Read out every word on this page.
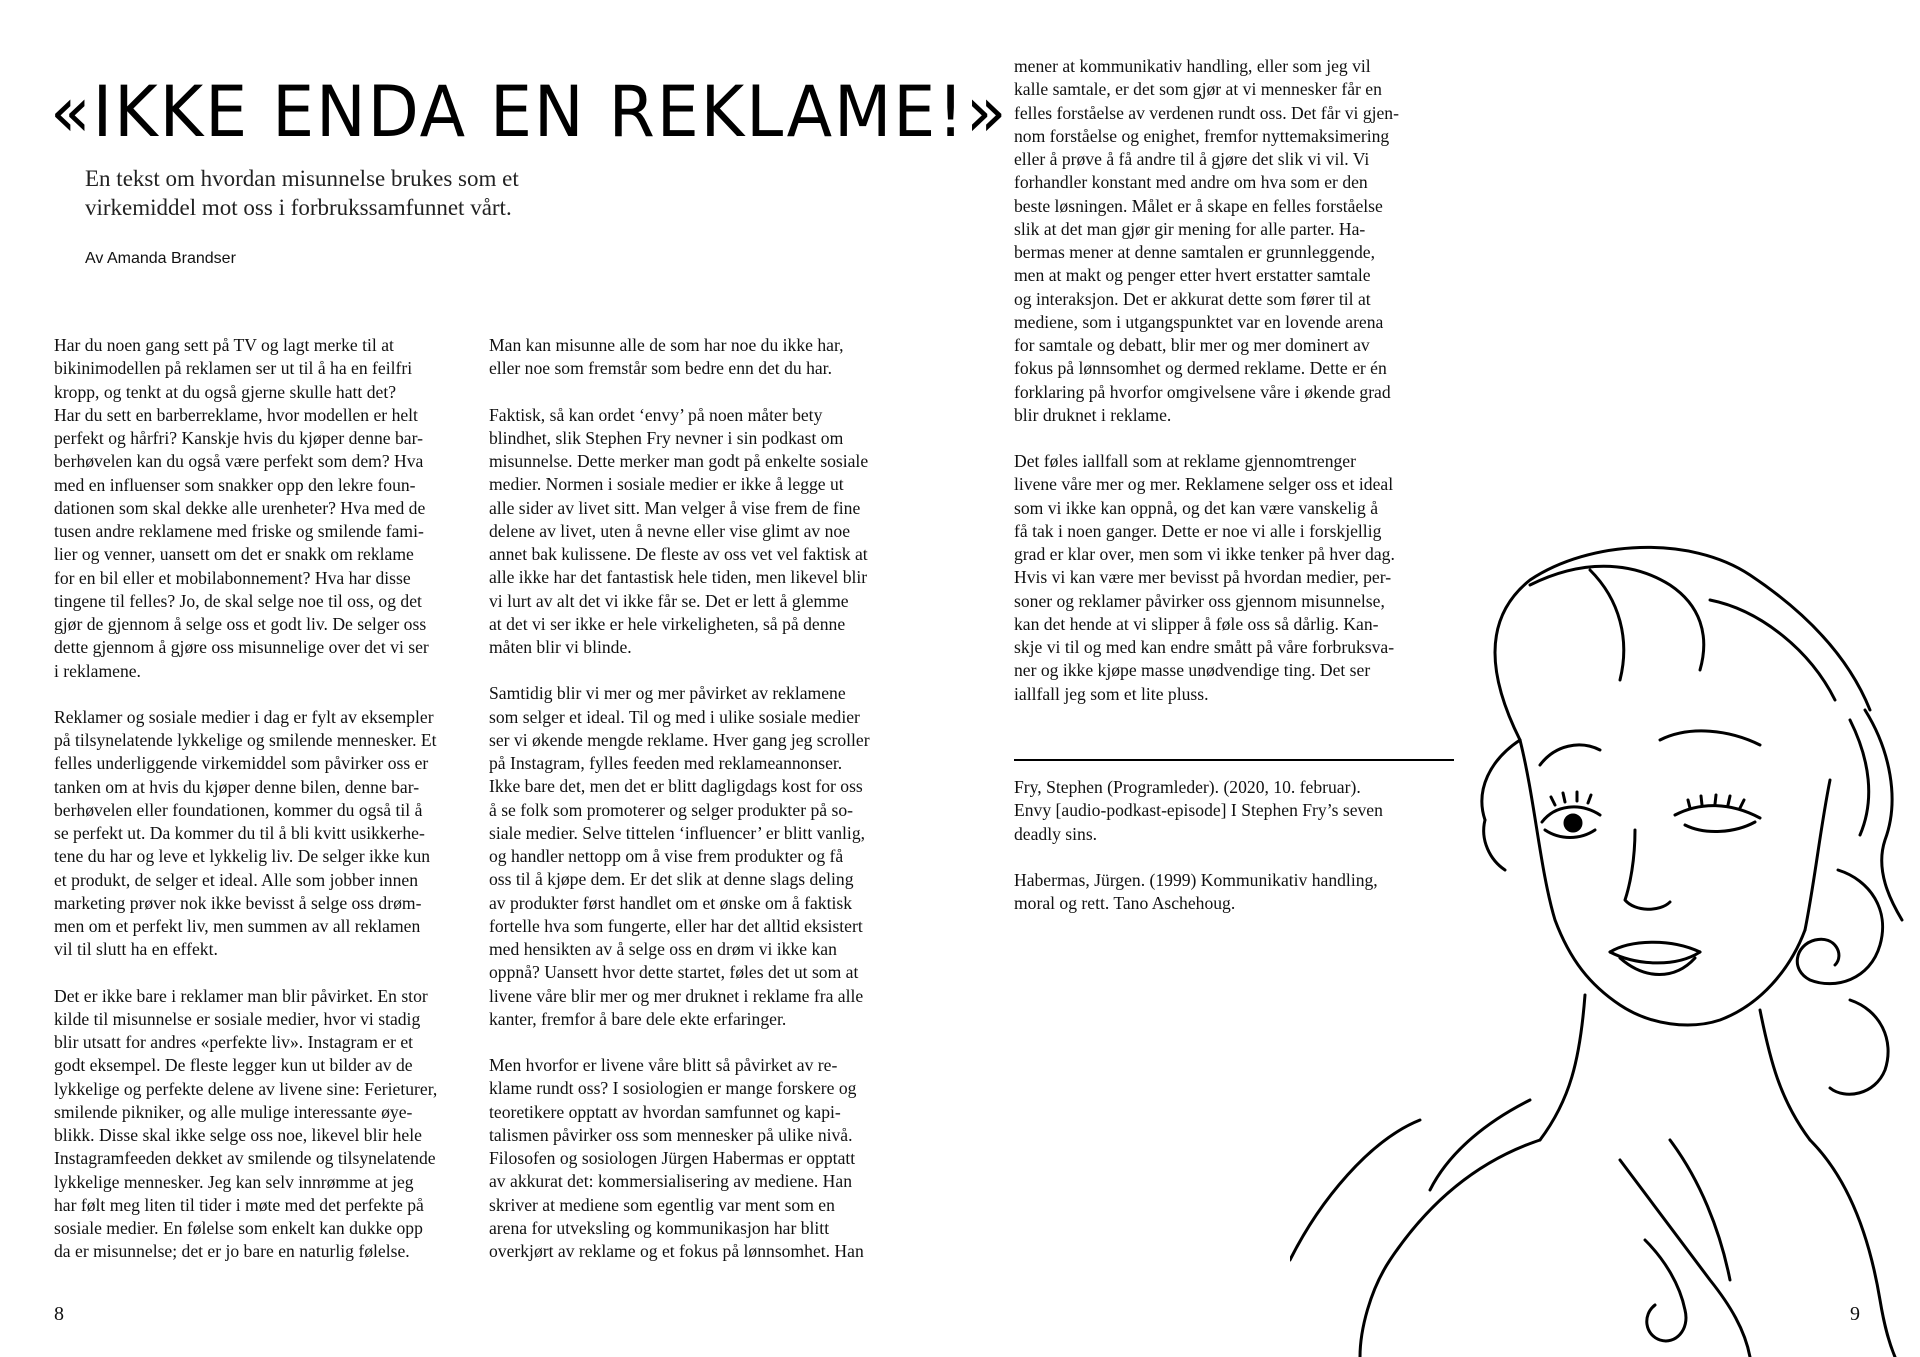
«IKKE ENDA EN REKLAME!»

En tekst om hvordan misunnelse brukes som et
virkemiddel mot oss i forbrukssamfunnet vårt.

Av Amanda Brandser

Har du noen gang sett på TV og lagt merke til at
bikinimodellen på reklamen ser ut til å ha en feilfri
kropp, og tenkt at du også gjerne skulle hatt det?
Har du sett en barberreklame, hvor modellen er helt
perfekt og hårfri? Kanskje hvis du kjøper denne bar-
berhøvelen kan du også være perfekt som dem? Hva
med en influenser som snakker opp den lekre foun-
dationen som skal dekke alle urenheter? Hva med de
tusen andre reklamene med friske og smilende fami-
lier og venner, uansett om det er snakk om reklame
for en bil eller et mobilabonnement? Hva har disse
tingene til felles? Jo, de skal selge noe til oss, og det
gjør de gjennom å selge oss et godt liv. De selger oss
dette gjennom å gjøre oss misunnelige over det vi ser
i reklamene.

Reklamer og sosiale medier i dag er fylt av eksempler
på tilsynelatende lykkelige og smilende mennesker. Et
felles underliggende virkemiddel som påvirker oss er
tanken om at hvis du kjøper denne bilen, denne bar-
berhøvelen eller foundationen, kommer du også til å
se perfekt ut. Da kommer du til å bli kvitt usikkerhe-
tene du har og leve et lykkelig liv. De selger ikke kun
et produkt, de selger et ideal. Alle som jobber innen
marketing prøver nok ikke bevisst å selge oss drøm-
men om et perfekt liv, men summen av all reklamen
vil til slutt ha en effekt.

Det er ikke bare i reklamer man blir påvirket. En stor
kilde til misunnelse er sosiale medier, hvor vi stadig
blir utsatt for andres «perfekte liv». Instagram er et
godt eksempel. De fleste legger kun ut bilder av de
lykkelige og perfekte delene av livene sine: Ferieturer,
smilende pikniker, og alle mulige interessante øye-
blikk. Disse skal ikke selge oss noe, likevel blir hele
Instagramfeeden dekket av smilende og tilsynelatende
lykkelige mennesker. Jeg kan selv innrømme at jeg
har følt meg liten til tider i møte med det perfekte på
sosiale medier. En følelse som enkelt kan dukke opp
da er misunnelse; det er jo bare en naturlig følelse.

Man kan misunne alle de som har noe du ikke har,
eller noe som fremstår som bedre enn det du har.

Faktisk, så kan ordet ‘envy’ på noen måter bety
blindhet, slik Stephen Fry nevner i sin podkast om
misunnelse. Dette merker man godt på enkelte sosiale
medier. Normen i sosiale medier er ikke å legge ut
alle sider av livet sitt. Man velger å vise frem de fine
delene av livet, uten å nevne eller vise glimt av noe
annet bak kulissene. De fleste av oss vet vel faktisk at
alle ikke har det fantastisk hele tiden, men likevel blir
vi lurt av alt det vi ikke får se. Det er lett å glemme
at det vi ser ikke er hele virkeligheten, så på denne
måten blir vi blinde.

Samtidig blir vi mer og mer påvirket av reklamene
som selger et ideal. Til og med i ulike sosiale medier
ser vi økende mengde reklame. Hver gang jeg scroller
på Instagram, fylles feeden med reklameannonser.
Ikke bare det, men det er blitt dagligdags kost for oss
å se folk som promoterer og selger produkter på so-
siale medier. Selve tittelen ‘influencer’ er blitt vanlig,
og handler nettopp om å vise frem produkter og få
oss til å kjøpe dem. Er det slik at denne slags deling
av produkter først handlet om et ønske om å faktisk
fortelle hva som fungerte, eller har det alltid eksistert
med hensikten av å selge oss en drøm vi ikke kan
oppnå? Uansett hvor dette startet, føles det ut som at
livene våre blir mer og mer druknet i reklame fra alle
kanter, fremfor å bare dele ekte erfaringer.

Men hvorfor er livene våre blitt så påvirket av re-
klame rundt oss? I sosiologien er mange forskere og
teoretikere opptatt av hvordan samfunnet og kapi-
talismen påvirker oss som mennesker på ulike nivå.
Filosofen og sosiologen Jürgen Habermas er opptatt
av akkurat det: kommersialisering av mediene. Han
skriver at mediene som egentlig var ment som en
arena for utveksling og kommunikasjon har blitt
overkjørt av reklame og et fokus på lønnsomhet. Han

mener at kommunikativ handling, eller som jeg vil
kalle samtale, er det som gjør at vi mennesker får en
felles forståelse av verdenen rundt oss. Det får vi gjen-
nom forståelse og enighet, fremfor nyttemaksimering
eller å prøve å få andre til å gjøre det slik vi vil. Vi
forhandler konstant med andre om hva som er den
beste løsningen. Målet er å skape en felles forståelse
slik at det man gjør gir mening for alle parter. Ha-
bermas mener at denne samtalen er grunnleggende,
men at makt og penger etter hvert erstatter samtale
og interaksjon. Det er akkurat dette som fører til at
mediene, som i utgangspunktet var en lovende arena
for samtale og debatt, blir mer og mer dominert av
fokus på lønnsomhet og dermed reklame. Dette er én
forklaring på hvorfor omgivelsene våre i økende grad
blir druknet i reklame.

Det føles iallfall som at reklame gjennomtrenger
livene våre mer og mer. Reklamene selger oss et ideal
som vi ikke kan oppnå, og det kan være vanskelig å
få tak i noen ganger. Dette er noe vi alle i forskjellig
grad er klar over, men som vi ikke tenker på hver dag.
Hvis vi kan være mer bevisst på hvordan medier, per-
soner og reklamer påvirker oss gjennom misunnelse,
kan det hende at vi slipper å føle oss så dårlig. Kan-
skje vi til og med kan endre smått på våre forbruksva-
ner og ikke kjøpe masse unødvendige ting. Det ser
iallfall jeg som et lite pluss.

Fry, Stephen (Programleder). (2020, 10. februar).
Envy [audio-podkast-episode] I Stephen Fry’s seven
deadly sins.

Habermas, Jürgen. (1999) Kommunikativ handling,
moral og rett. Tano Aschehoug.

8	9
